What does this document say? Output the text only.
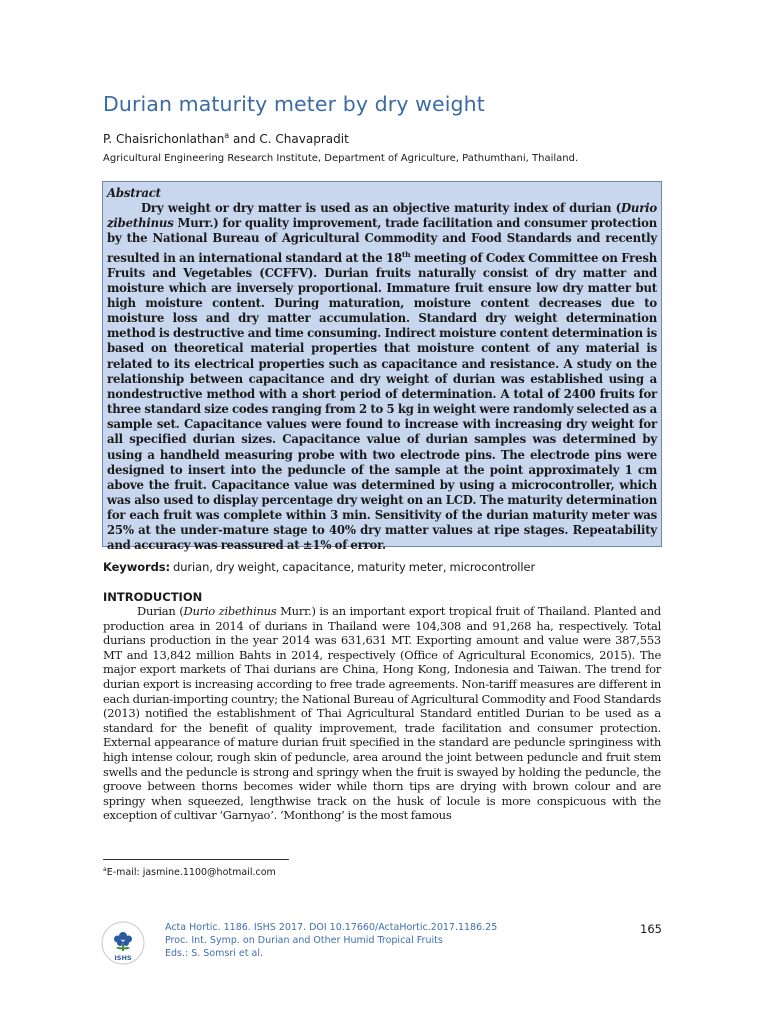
Durian maturity meter by dry weight
P. Chaisrichonlathan$^a$ and C. Chavapradit
Agricultural Engineering Research Institute, Department of Agriculture, Pathumthani, Thailand.
Abstract

Dry weight or dry matter is used as an objective maturity index of durian (Durio zibethinus Murr.) for quality improvement, trade facilitation and consumer protection by the National Bureau of Agricultural Commodity and Food Standards and recently resulted in an international standard at the 18th meeting of Codex Committee on Fresh Fruits and Vegetables (CCFFV). Durian fruits naturally consist of dry matter and moisture which are inversely proportional. Immature fruit ensure low dry matter but high moisture content. During maturation, moisture content decreases due to moisture loss and dry matter accumulation. Standard dry weight determination method is destructive and time consuming. Indirect moisture content determination is based on theoretical material properties that moisture content of any material is related to its electrical properties such as capacitance and resistance. A study on the relationship between capacitance and dry weight of durian was established using a nondestructive method with a short period of determination. A total of 2400 fruits for three standard size codes ranging from 2 to 5 kg in weight were randomly selected as a sample set. Capacitance values were found to increase with increasing dry weight for all specified durian sizes. Capacitance value of durian samples was determined by using a handheld measuring probe with two electrode pins. The electrode pins were designed to insert into the peduncle of the sample at the point approximately 1 cm above the fruit. Capacitance value was determined by using a microcontroller, which was also used to display percentage dry weight on an LCD. The maturity determination for each fruit was complete within 3 min. Sensitivity of the durian maturity meter was 25% at the under-mature stage to 40% dry matter values at ripe stages. Repeatability and accuracy was reassured at ±1% of error.

Keywords: durian, dry weight, capacitance, maturity meter, microcontroller
INTRODUCTION

Durian (Durio zibethinus Murr.) is an important export tropical fruit of Thailand. Planted and production area in 2014 of durians in Thailand were 104,308 and 91,268 ha, respectively. Total durians production in the year 2014 was 631,631 MT. Exporting amount and value were 387,553 MT and 13,842 million Bahts in 2014, respectively (Office of Agricultural Economics, 2015). The major export markets of Thai durians are China, Hong Kong, Indonesia and Taiwan. The trend for durian export is increasing according to free trade agreements. Non-tariff measures are different in each durian-importing country; the National Bureau of Agricultural Commodity and Food Standards (2013) notified the establishment of Thai Agricultural Standard entitled Durian to be used as a standard for the benefit of quality improvement, trade facilitation and consumer protection. External appearance of mature durian fruit specified in the standard are peduncle springiness with high intense colour, rough skin of peduncle, area around the joint between peduncle and fruit stem swells and the peduncle is strong and springy when the fruit is swayed by holding the peduncle, the groove between thorns becomes wider while thorn tips are drying with brown colour and are springy when squeezed, lengthwise track on the husk of locule is more conspicuous with the exception of cultivar ‘Garnyao’. ‘Monthong’ is the most famous

$^a$E-mail: jasmine.1100@hotmail.com
ISHS
Acta Hortic. 1186. ISHS 2017. DOI 10.17660/ActaHortic.2017.1186.25
Proc. Int. Symp. on Durian and Other Humid Tropical Fruits
Eds.: S. Somsri et al.
165
